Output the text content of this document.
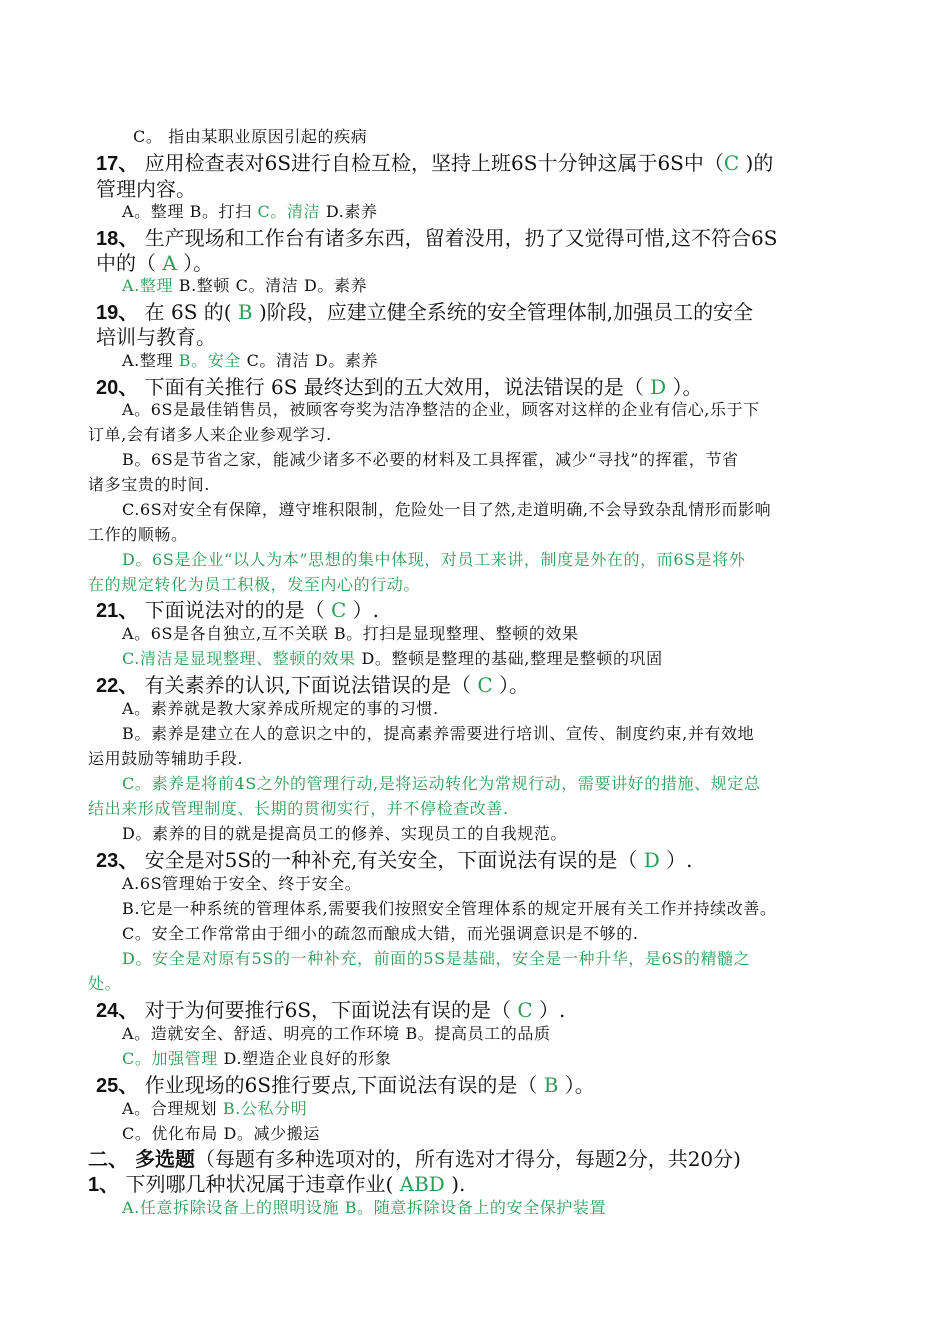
C。 指由某职业原因引起的疾病
17、 应用检查表对6S进行自检互检，坚持上班6S十分钟这属于6S中（C )的
管理内容。
A。整理 B。打扫 C。清洁 D.素养
18、 生产现场和工作台有诸多东西，留着没用，扔了又觉得可惜,这不符合6S
中的（ A ）。
A.整理 B.整顿 C。清洁 D。素养
19、 在 6S 的( B )阶段，应建立健全系统的安全管理体制,加强员工的安全
培训与教育。
A.整理 B。安全 C。清洁 D。素养
20、 下面有关推行 6S 最终达到的五大效用，说法错误的是（ D ）。
A。6S是最佳销售员，被顾客夸奖为洁净整洁的企业，顾客对这样的企业有信心,乐于下
订单,会有诸多人来企业参观学习.
B。6S是节省之家，能减少诸多不必要的材料及工具挥霍，减少“寻找”的挥霍，节省
诸多宝贵的时间.
C.6S对安全有保障，遵守堆积限制，危险处一目了然,走道明确,不会导致杂乱情形而影响
工作的顺畅。
D。6S是企业“以人为本”思想的集中体现，对员工来讲，制度是外在的，而6S是将外
在的规定转化为员工积极，发至内心的行动。
21、 下面说法对的的是（ C ）.
A。6S是各自独立,互不关联 B。打扫是显现整理、整顿的效果
C.清洁是显现整理、整顿的效果 D。整顿是整理的基础,整理是整顿的巩固
22、 有关素养的认识,下面说法错误的是（ C ）。
A。素养就是教大家养成所规定的事的习惯.
B。素养是建立在人的意识之中的，提高素养需要进行培训、宣传、制度约束,并有效地
运用鼓励等辅助手段.
C。素养是将前4S之外的管理行动,是将运动转化为常规行动，需要讲好的措施、规定总
结出来形成管理制度、长期的贯彻实行，并不停检查改善.
D。素养的目的就是提高员工的修养、实现员工的自我规范。
23、 安全是对5S的一种补充,有关安全，下面说法有误的是（ D ）.
A.6S管理始于安全、终于安全。
B.它是一种系统的管理体系,需要我们按照安全管理体系的规定开展有关工作并持续改善。
C。安全工作常常由于细小的疏忽而酿成大错，而光强调意识是不够的.
D。安全是对原有5S的一种补充，前面的5S是基础，安全是一种升华，是6S的精髓之
处。
24、 对于为何要推行6S，下面说法有误的是（ C ）.
A。造就安全、舒适、明亮的工作环境 B。提高员工的品质
C。加强管理 D.塑造企业良好的形象
25、 作业现场的6S推行要点,下面说法有误的是（ B ）。
A。合理规划 B.公私分明
C。优化布局 D。减少搬运
二、 多选题（每题有多种选项对的，所有选对才得分，每题2分，共20分)
1、 下列哪几种状况属于违章作业( ABD ).
A.任意拆除设备上的照明设施 B。随意拆除设备上的安全保护装置
